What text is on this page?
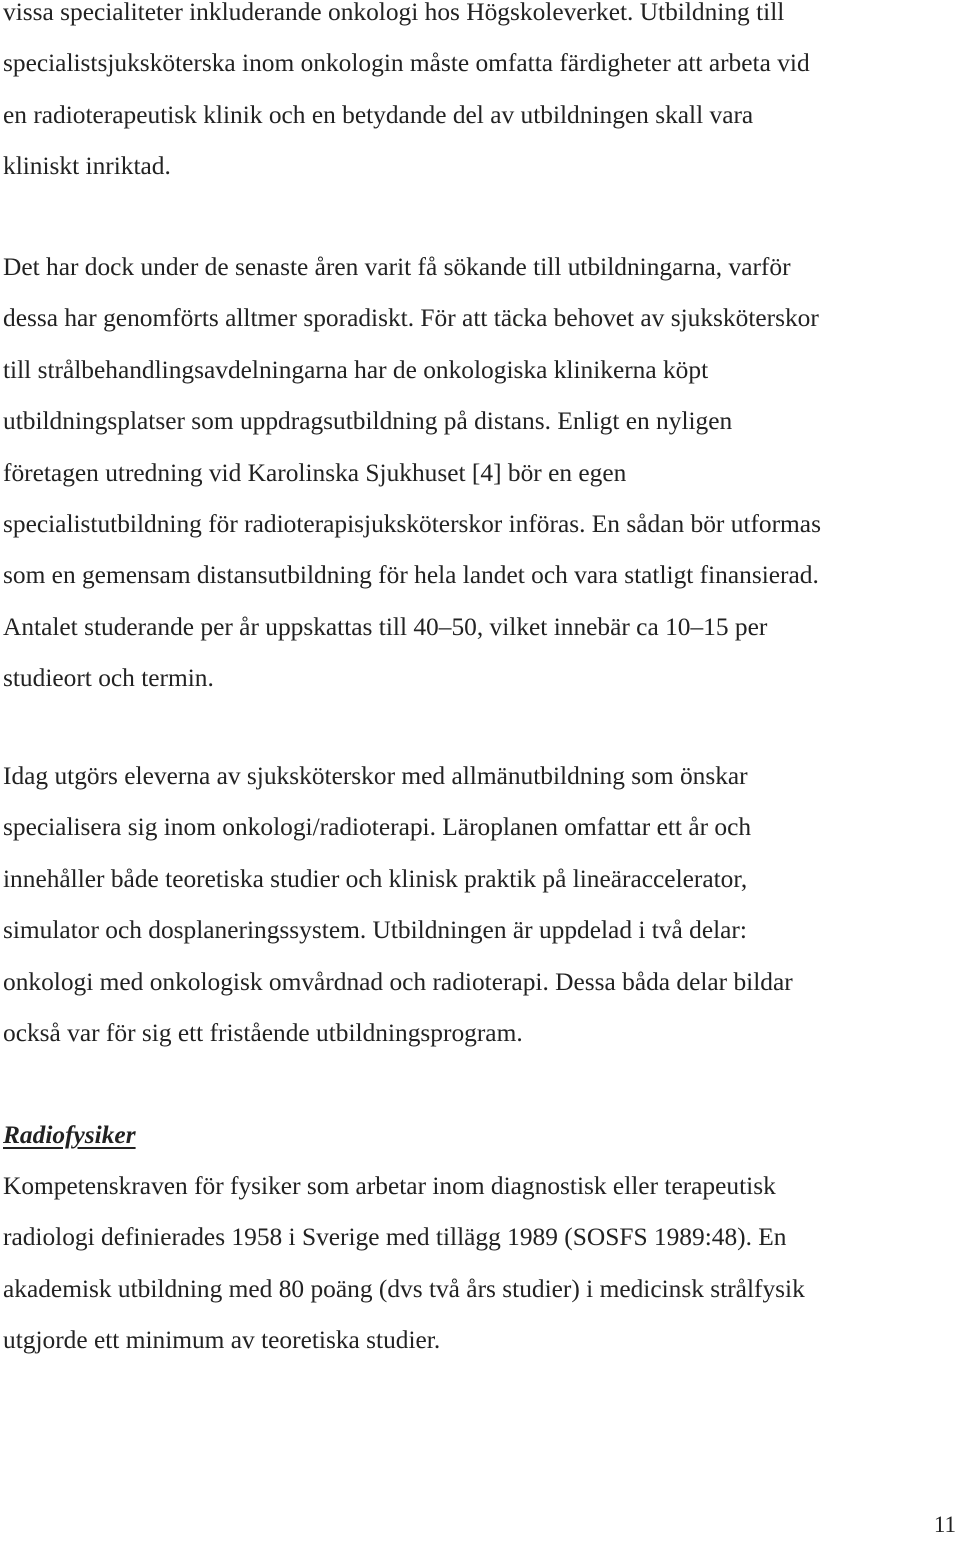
vissa specialiteter inkluderande onkologi hos Högskoleverket. Utbildning till
specialistsjuksköterska inom onkologin måste omfatta färdigheter att arbeta vid
en radioterapeutisk klinik och en betydande del av utbildningen skall vara
kliniskt inriktad.

Det har dock under de senaste åren varit få sökande till utbildningarna, varför
dessa har genomförts alltmer sporadiskt. För att täcka behovet av sjuksköterskor
till strålbehandlingsavdelningarna har de onkologiska klinikerna köpt
utbildningsplatser som uppdragsutbildning på distans. Enligt en nyligen
företagen utredning vid Karolinska Sjukhuset [4] bör en egen
specialistutbildning för radioterapisjuksköterskor införas. En sådan bör utformas
som en gemensam distansutbildning för hela landet och vara statligt finansierad.
Antalet studerande per år uppskattas till 40–50, vilket innebär ca 10–15 per
studieort och termin.

Idag utgörs eleverna av sjuksköterskor med allmänutbildning som önskar
specialisera sig inom onkologi/radioterapi. Läroplanen omfattar ett år och
innehåller både teoretiska studier och klinisk praktik på lineäraccelerator,
simulator och dosplaneringssystem. Utbildningen är uppdelad i två delar:
onkologi med onkologisk omvårdnad och radioterapi. Dessa båda delar bildar
också var för sig ett fristående utbildningsprogram.

Radiofysiker

Kompetenskraven för fysiker som arbetar inom diagnostisk eller terapeutisk
radiologi definierades 1958 i Sverige med tillägg 1989 (SOSFS 1989:48). En
akademisk utbildning med 80 poäng (dvs två års studier) i medicinsk strålfysik
utgjorde ett minimum av teoretiska studier.

11
